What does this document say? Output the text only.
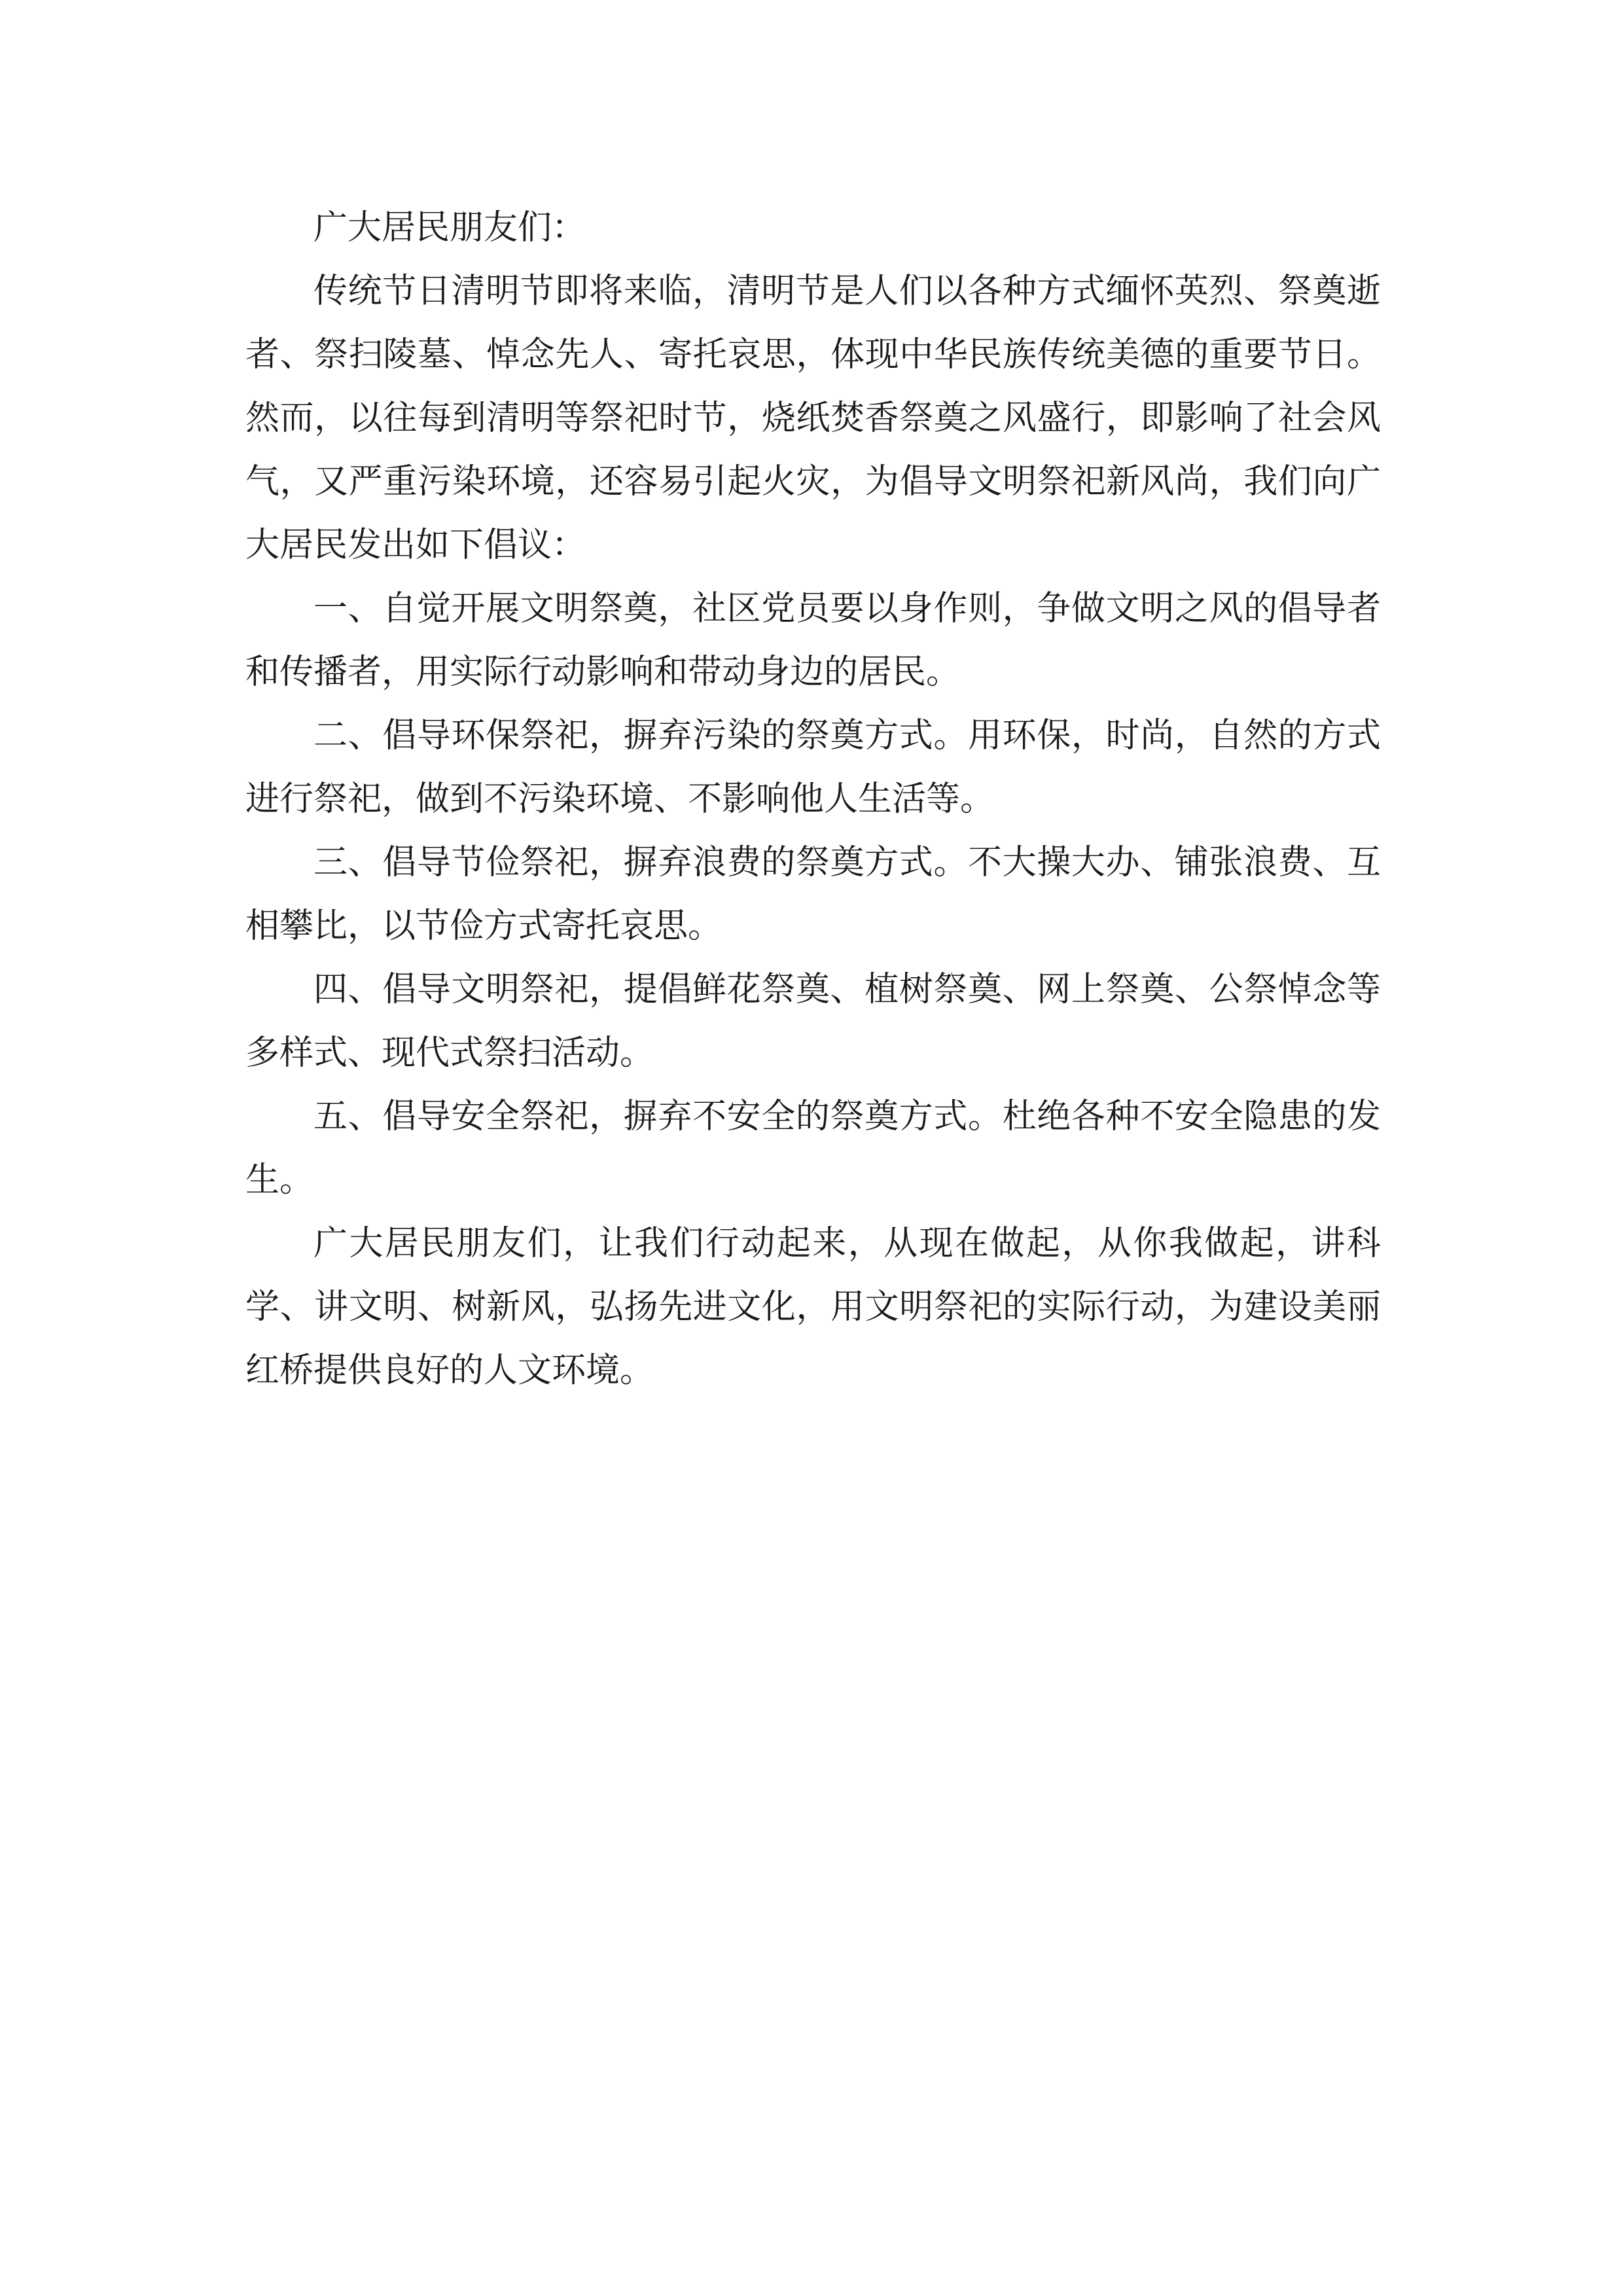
广大居民朋友们：

传统节日清明节即将来临，清明节是人们以各种方式缅怀英烈、祭奠逝者、祭扫陵墓、悼念先人、寄托哀思，体现中华民族传统美德的重要节日。然而，以往每到清明等祭祀时节，烧纸焚香祭奠之风盛行，即影响了社会风气，又严重污染环境，还容易引起火灾，为倡导文明祭祀新风尚，我们向广大居民发出如下倡议：

一、自觉开展文明祭奠，社区党员要以身作则，争做文明之风的倡导者和传播者，用实际行动影响和带动身边的居民。

二、倡导环保祭祀，摒弃污染的祭奠方式。用环保，时尚，自然的方式进行祭祀，做到不污染环境、不影响他人生活等。

三、倡导节俭祭祀，摒弃浪费的祭奠方式。不大操大办、铺张浪费、互相攀比，以节俭方式寄托哀思。

四、倡导文明祭祀，提倡鲜花祭奠、植树祭奠、网上祭奠、公祭悼念等多样式、现代式祭扫活动。

五、倡导安全祭祀，摒弃不安全的祭奠方式。杜绝各种不安全隐患的发生。

广大居民朋友们，让我们行动起来，从现在做起，从你我做起，讲科学、讲文明、树新风，弘扬先进文化，用文明祭祀的实际行动，为建设美丽红桥提供良好的人文环境。
